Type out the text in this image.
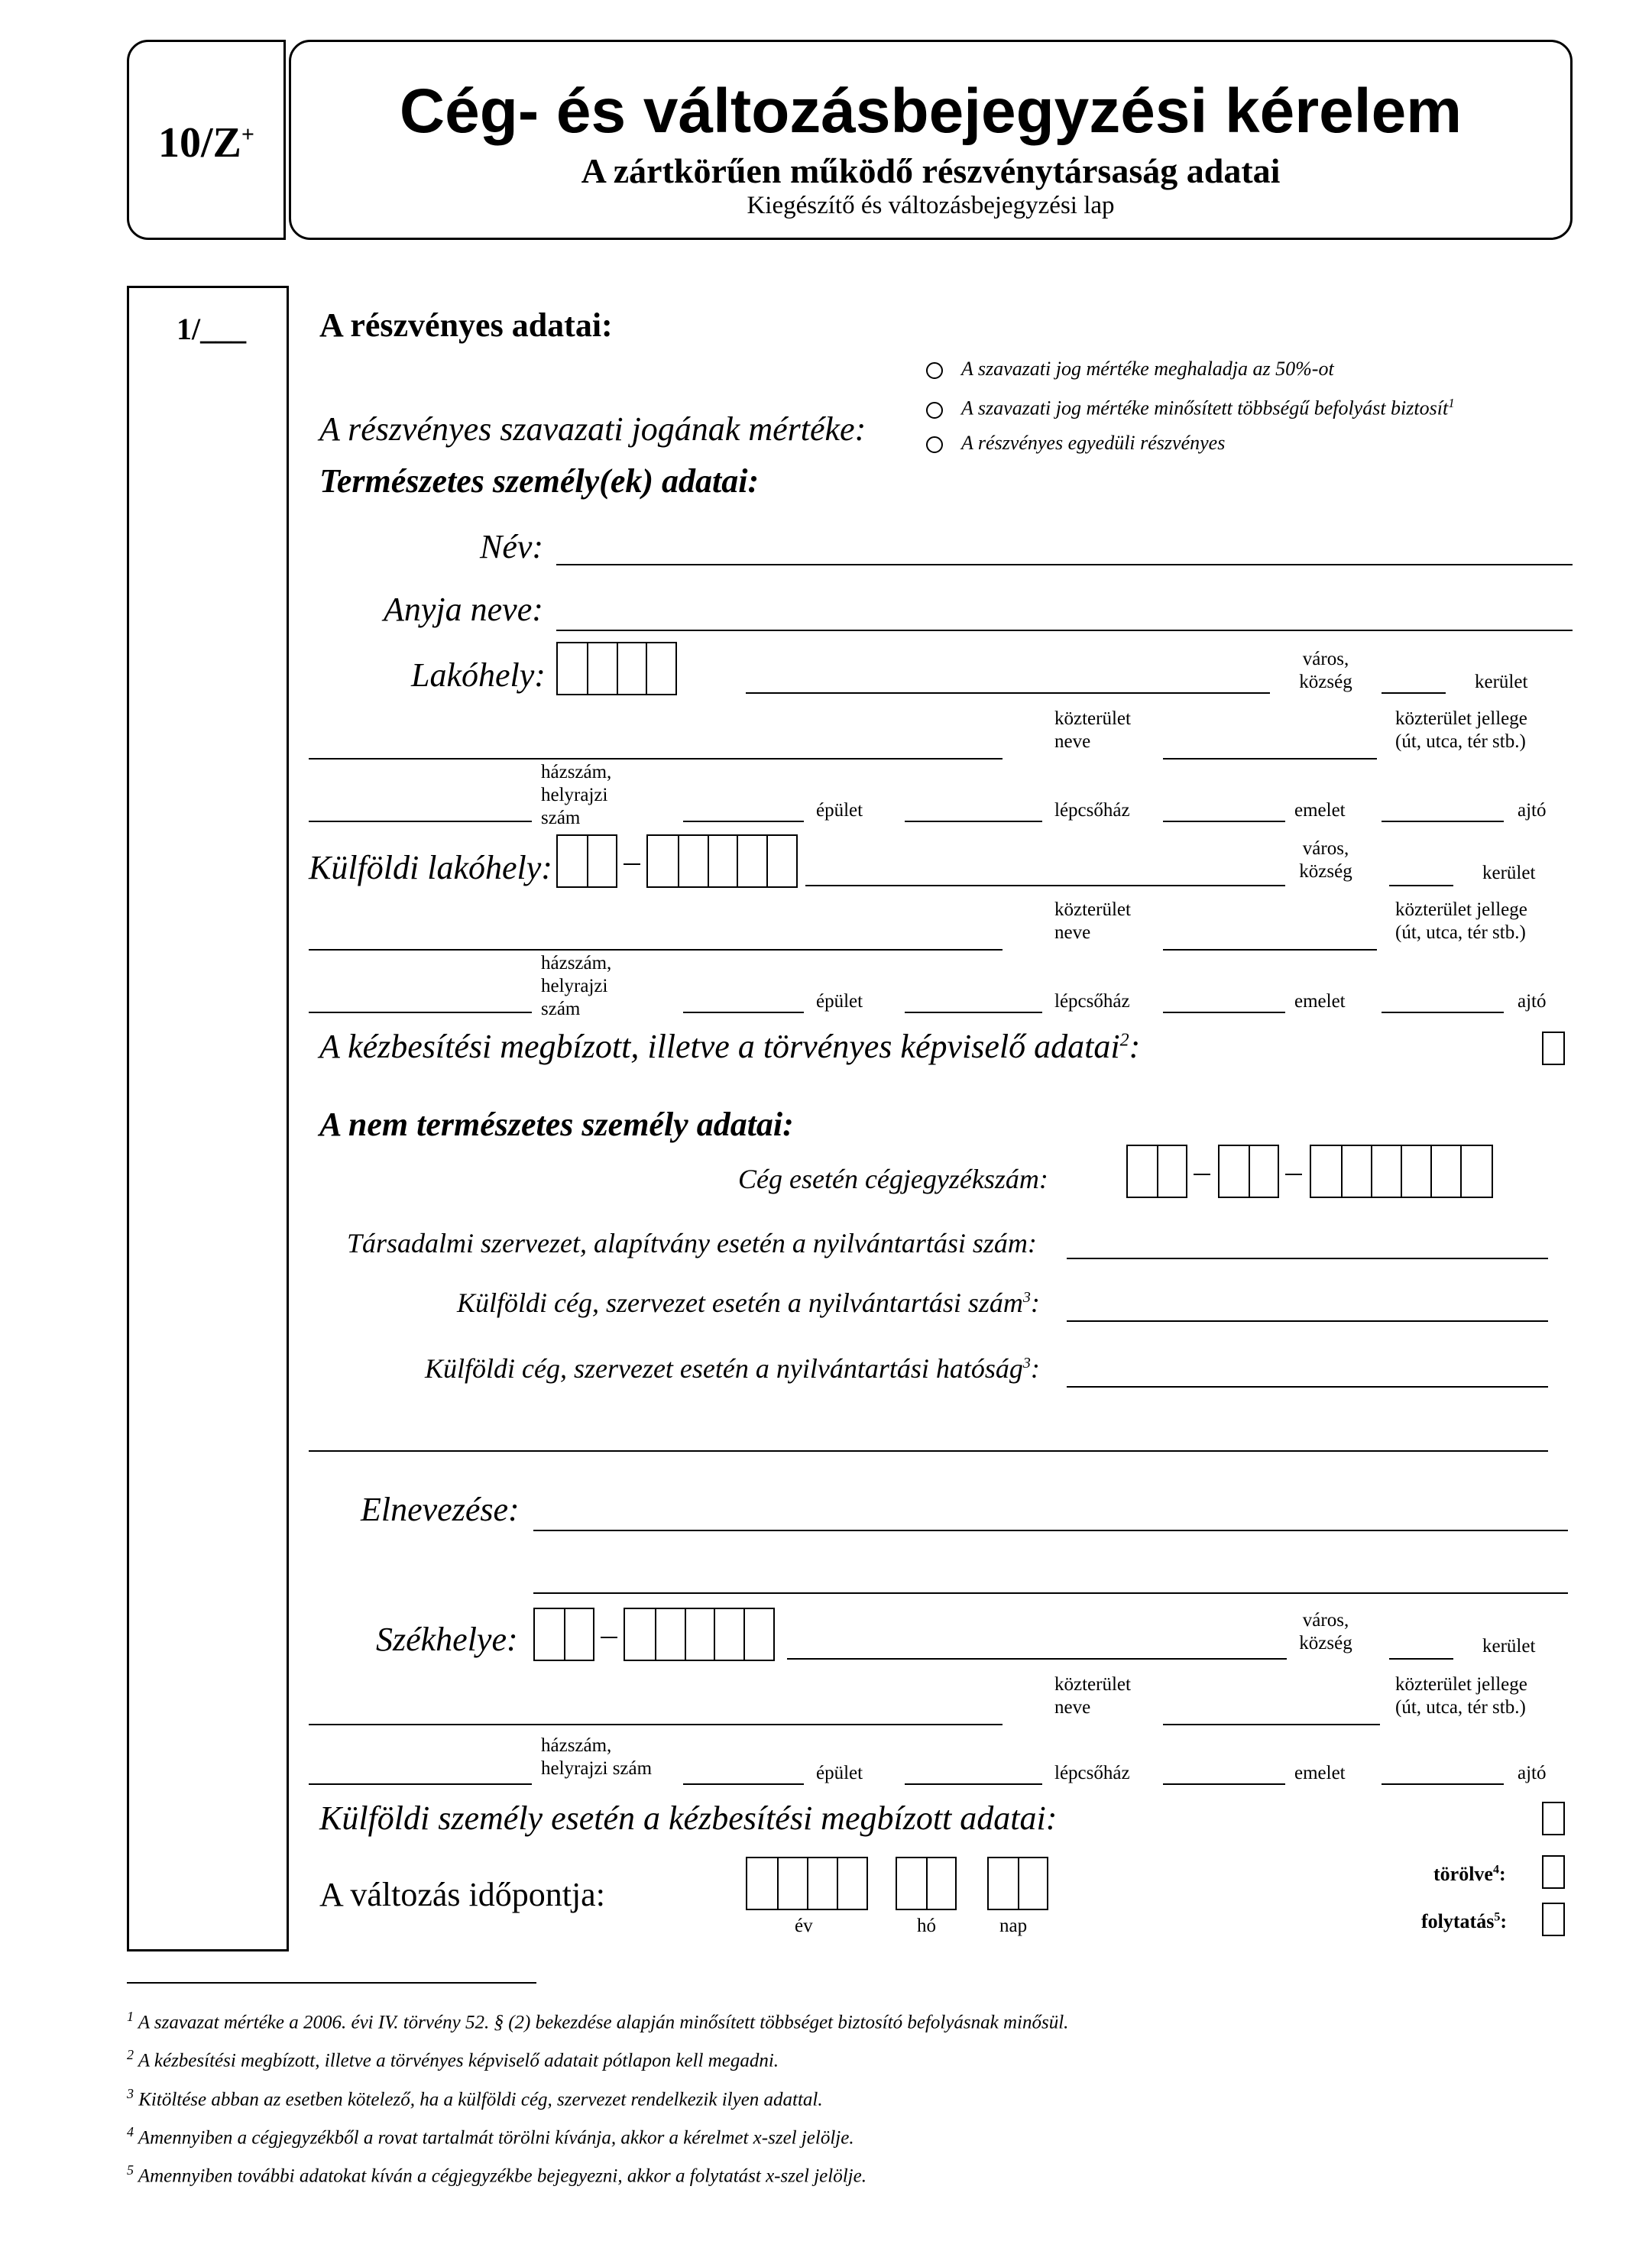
10/Z+	Cég- és változásbejegyzési kérelem
A zártkörűen működő részvénytársaság adatai
Kiegészítő és változásbejegyzési lap
1/___ A részvényes adatai:
A szavazati jog mértéke meghaladja az 50%-ot
A szavazati jog mértéke minősített többségű befolyást biztosít$^1$
A részvényes egyedüli részvényes
A részvényes szavazati jogának mértéke:
Természetes személy(ek) adatai:
Név:
Anyja neve:
Lakóhely:	város,
község	kerület
közterület
neve
közterület jellege
(út, utca, tér stb.)
házszám,
helyrajzi
szám	épület	lépcsőház	emelet	ajtó
Külföldi lakóhely:
város,
község	kerület
közterület
neve
közterület jellege
(út, utca, tér stb.)
házszám,
helyrajzi
szám	épület	lépcsőház	emelet	ajtó
A kézbesítési megbízott, illetve a törvényes képviselő adatai$^2$:
A nem természetes személy adatai:
Cég esetén cégjegyzékszám:
Társadalmi szervezet, alapítvány esetén a nyilvántartási szám:
Külföldi cég, szervezet esetén a nyilvántartási szám$^3$:
Külföldi cég, szervezet esetén a nyilvántartási hatóság$^3$:
Elnevezése:
Székhelye:
város,
község	kerület
közterület
neve
közterület jellege
(út, utca, tér stb.)
házszám,
helyrajzi szám	épület	lépcsőház	emelet	ajtó
Külföldi személy esetén a kézbesítési megbízott adatai:
A változás időpontja:
év	hó	nap
törölve$^4$:
folytatás$^5$:
$^1$ A szavazat mértéke a 2006. évi IV. törvény 52. § (2) bekezdése alapján minősített többséget biztosító befolyásnak minősül.
$^2$ A kézbesítési megbízott, illetve a törvényes képviselő adatait pótlapon kell megadni.
$^3$ Kitöltése abban az esetben kötelező, ha a külföldi cég, szervezet rendelkezik ilyen adattal.
$^4$ Amennyiben a cégjegyzékből a rovat tartalmát törölni kívánja, akkor a kérelmet x-szel jelölje.
$^5$ Amennyiben további adatokat kíván a cégjegyzékbe bejegyezni, akkor a folytatást x-szel jelölje.
